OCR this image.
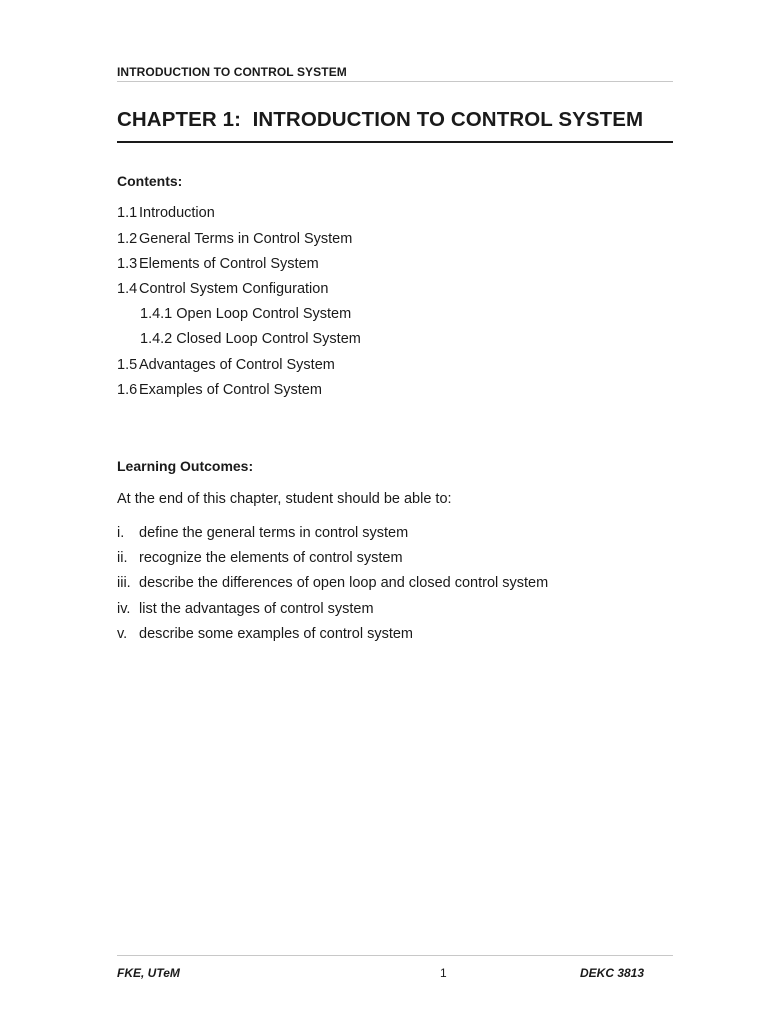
INTRODUCTION TO CONTROL SYSTEM
CHAPTER 1:  INTRODUCTION TO CONTROL SYSTEM
Contents:
1.1 Introduction
1.2 General Terms in Control System
1.3 Elements of Control System
1.4 Control System Configuration
1.4.1 Open Loop Control System
1.4.2 Closed Loop Control System
1.5 Advantages of Control System
1.6 Examples of Control System
Learning Outcomes:
At the end of this chapter, student should be able to:
i. define the general terms in control system
ii. recognize the elements of control system
iii. describe the differences of open loop and closed control system
iv. list the advantages of control system
v. describe some examples of control system
FKE, UTeM	1	DEKC 3813
